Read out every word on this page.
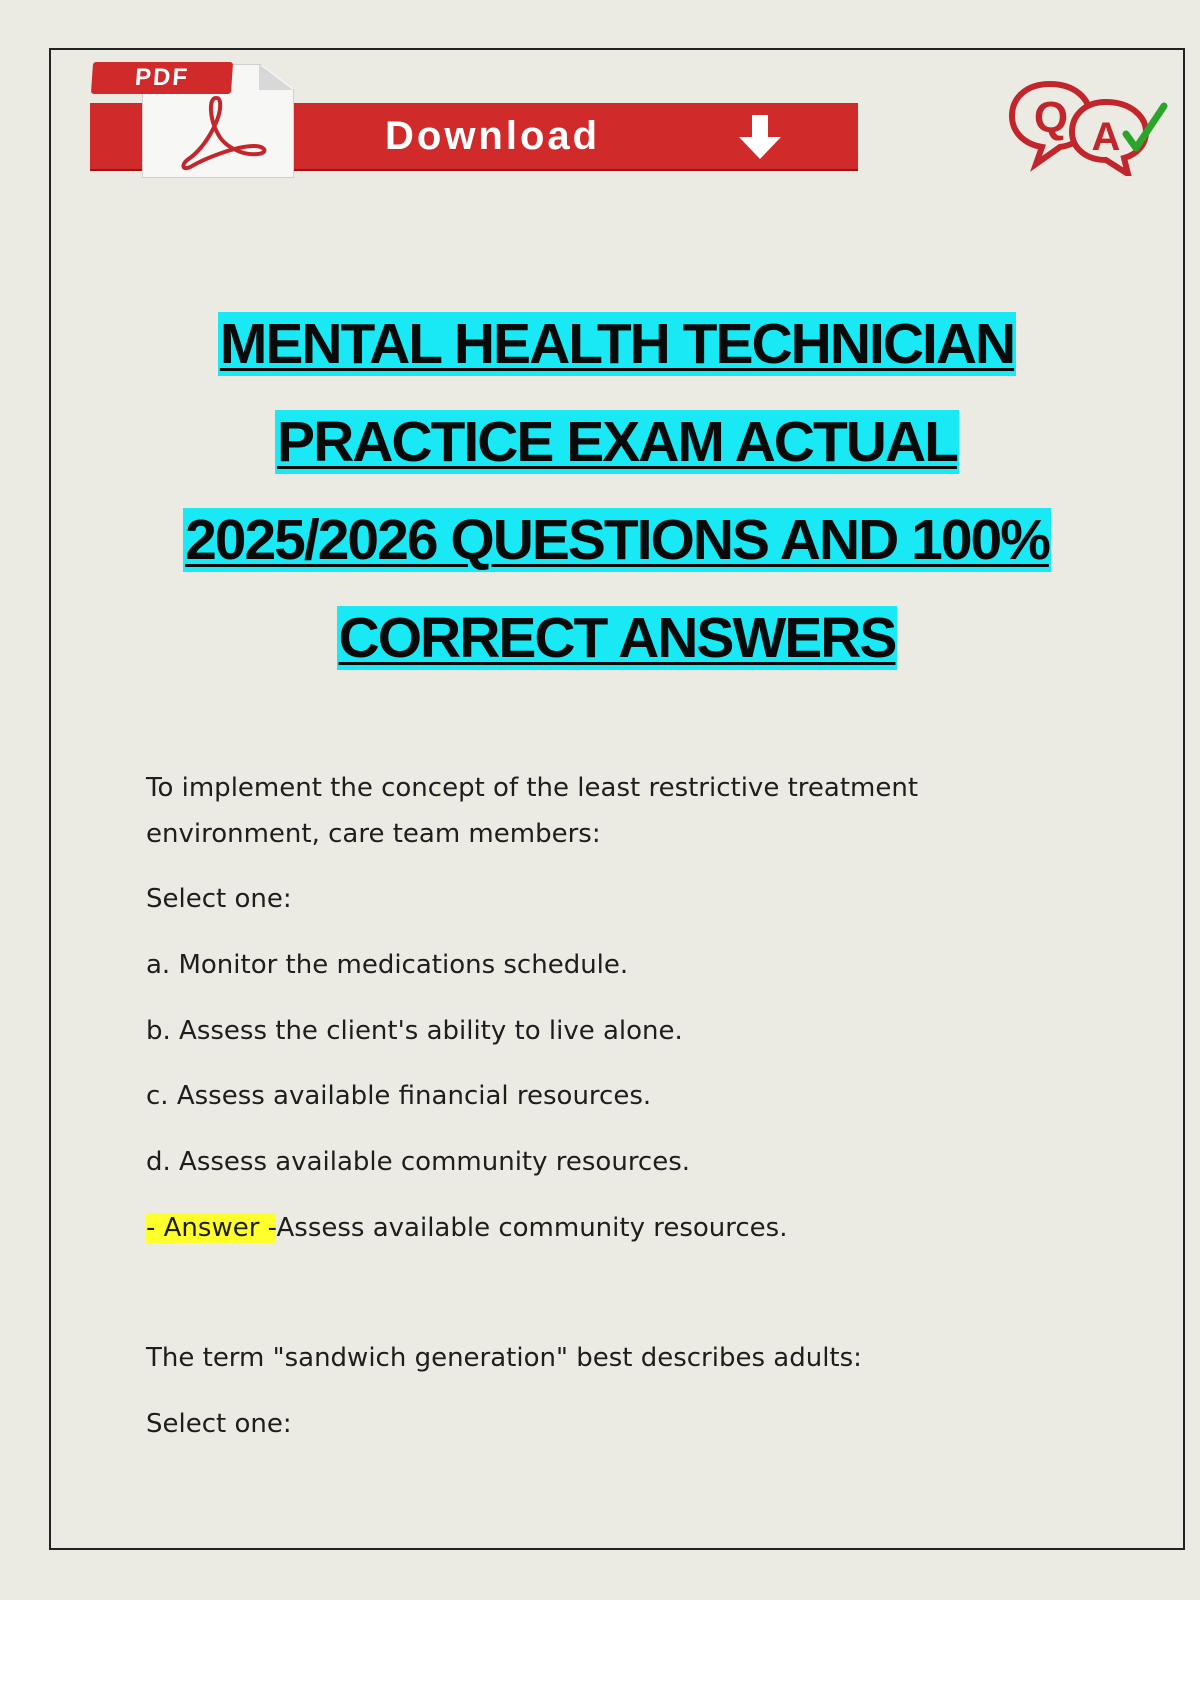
PDF
Download	Q A
MENTAL HEALTH TECHNICIAN
PRACTICE EXAM ACTUAL
2025/2026 QUESTIONS AND 100%
CORRECT ANSWERS

To implement the concept of the least restrictive treatment environment, care team members:

Select one:

a. Monitor the medications schedule.

b. Assess the client's ability to live alone.

c. Assess available financial resources.

d. Assess available community resources.

- Answer -Assess available community resources.

The term "sandwich generation" best describes adults:

Select one:
